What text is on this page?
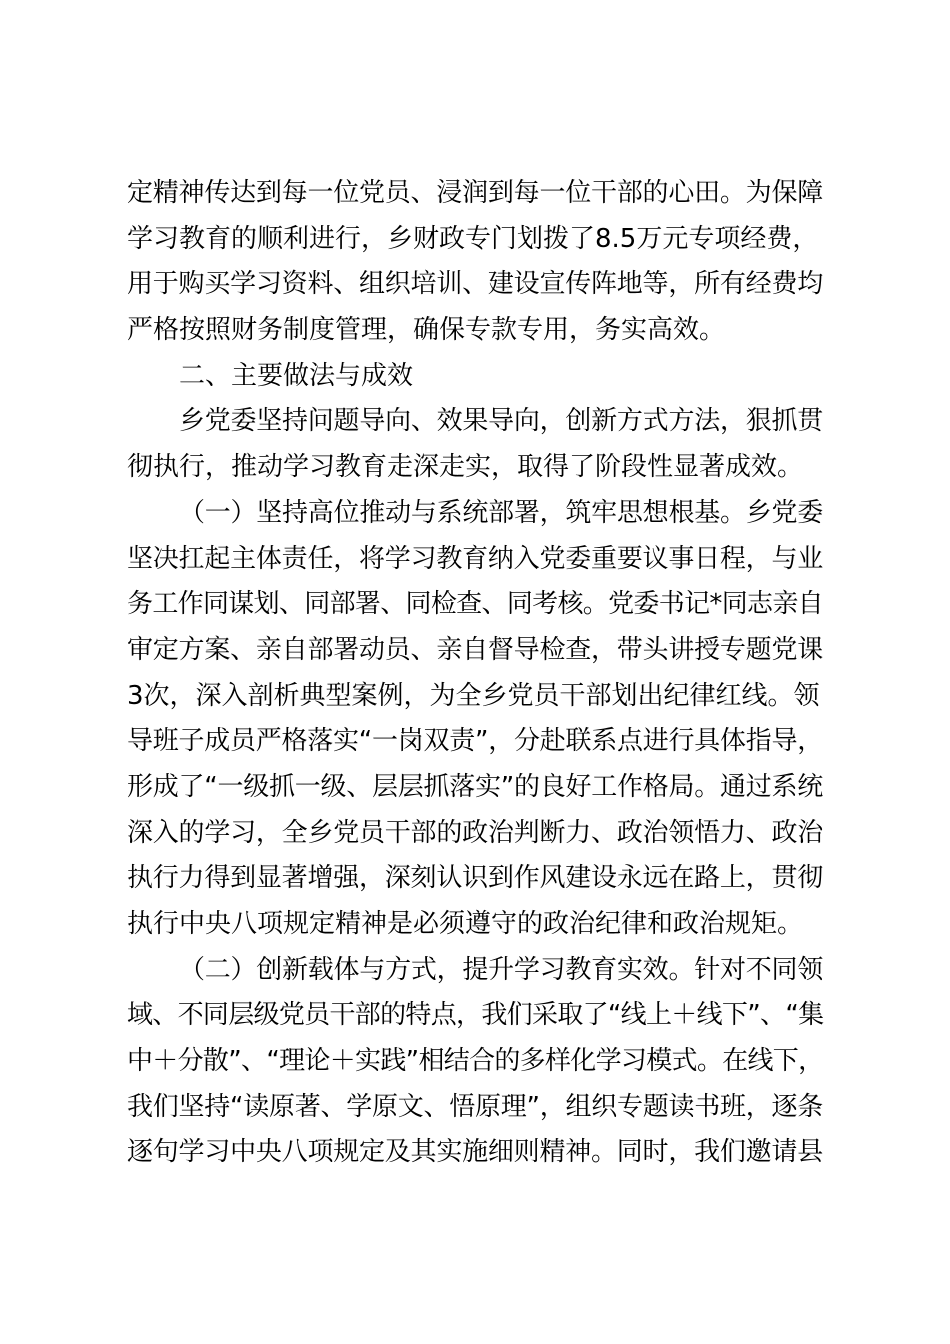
定精神传达到每一位党员、浸润到每一位干部的心田。为保障
学习教育的顺利进行，乡财政专门划拨了8.5万元专项经费，
用于购买学习资料、组织培训、建设宣传阵地等，所有经费均
严格按照财务制度管理，确保专款专用，务实高效。
二、主要做法与成效
乡党委坚持问题导向、效果导向，创新方式方法，狠抓贯
彻执行，推动学习教育走深走实，取得了阶段性显著成效。
（一）坚持高位推动与系统部署，筑牢思想根基。乡党委
坚决扛起主体责任，将学习教育纳入党委重要议事日程，与业
务工作同谋划、同部署、同检查、同考核。党委书记*同志亲自
审定方案、亲自部署动员、亲自督导检查，带头讲授专题党课
3次，深入剖析典型案例，为全乡党员干部划出纪律红线。领
导班子成员严格落实“一岗双责”，分赴联系点进行具体指导，
形成了“一级抓一级、层层抓落实”的良好工作格局。通过系统
深入的学习，全乡党员干部的政治判断力、政治领悟力、政治
执行力得到显著增强，深刻认识到作风建设永远在路上，贯彻
执行中央八项规定精神是必须遵守的政治纪律和政治规矩。
（二）创新载体与方式，提升学习教育实效。针对不同领
域、不同层级党员干部的特点，我们采取了“线上＋线下”、“集
中＋分散”、“理论＋实践”相结合的多样化学习模式。在线下，
我们坚持“读原著、学原文、悟原理”，组织专题读书班，逐条
逐句学习中央八项规定及其实施细则精神。同时，我们邀请县
